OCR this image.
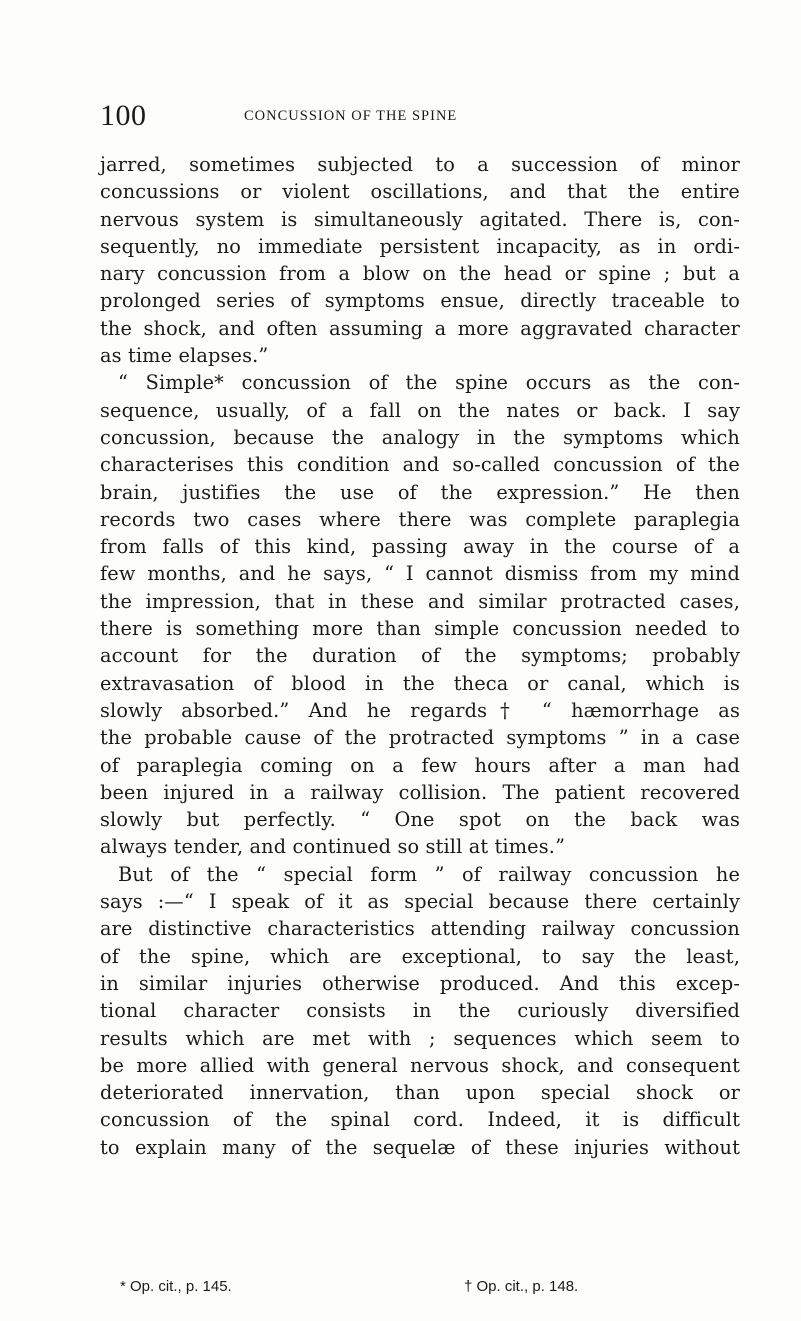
100	CONCUSSION OF THE SPINE
jarred, sometimes subjected to a succession of minor
concussions or violent oscillations, and that the entire
nervous system is simultaneously agitated. There is, con-
sequently, no immediate persistent incapacity, as in ordi-
nary concussion from a blow on the head or spine ; but a
prolonged series of symptoms ensue, directly traceable to
the shock, and often assuming a more aggravated character
as time elapses.”
“ Simple* concussion of the spine occurs as the con-
sequence, usually, of a fall on the nates or back. I say
concussion, because the analogy in the symptoms which
characterises this condition and so-called concussion of the
brain, justifies the use of the expression.” He then
records two cases where there was complete paraplegia
from falls of this kind, passing away in the course of a
few months, and he says, “ I cannot dismiss from my mind
the impression, that in these and similar protracted cases,
there is something more than simple concussion needed to
account for the duration of the symptoms; probably
extravasation of blood in the theca or canal, which is
slowly absorbed.” And he regards† “ hæmorrhage as
the probable cause of the protracted symptoms ” in a case
of paraplegia coming on a few hours after a man had
been injured in a railway collision. The patient recovered
slowly but perfectly. “ One spot on the back was
always tender, and continued so still at times.”
But of the “ special form ” of railway concussion he
says :—“ I speak of it as special because there certainly
are distinctive characteristics attending railway concussion
of the spine, which are exceptional, to say the least,
in similar injuries otherwise produced. And this excep-
tional character consists in the curiously diversified
results which are met with ; sequences which seem to
be more allied with general nervous shock, and consequent
deteriorated innervation, than upon special shock or
concussion of the spinal cord. Indeed, it is difficult
to explain many of the sequelæ of these injuries without
* Op. cit., p. 145.	† Op. cit., p. 148.
